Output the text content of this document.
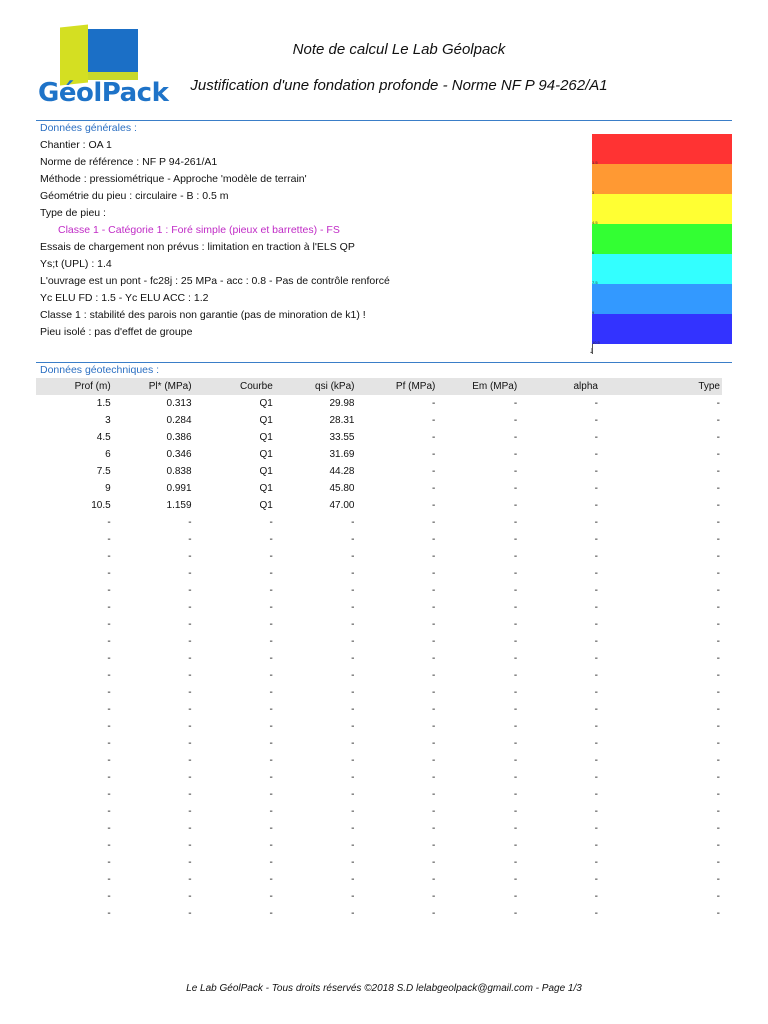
GéolPack
Note de calcul Le Lab Géolpack
Justification d'une fondation profonde - Norme NF P 94-262/A1
Données générales :
Chantier : OA 1
Norme de référence : NF P 94-261/A1
Méthode : pressiométrique - Approche 'modèle de terrain'
Géométrie du pieu : circulaire - B : 0.5 m
Type de pieu :
Classe 1 - Catégorie 1 : Foré simple (pieux et barrettes) - FS
Essais de chargement non prévus : limitation en traction à l'ELS QP
Ys;t (UPL) : 1.4
L'ouvrage est un pont - fc28j : 25 MPa - acc : 0.8 - Pas de contrôle renforcé
Yc ELU FD : 1.5 - Yc ELU ACC : 1.2
Classe 1 : stabilité des parois non garantie (pas de minoration de k1) !
Pieu isolé : pas d'effet de groupe
↓
1.5
3
4.5
6
7.5
9
10.5
Données géotechniques :
Prof (m)	Pl* (MPa)	Courbe	qsi (kPa)	Pf (MPa)	Em (MPa)	alpha	Type
1.5	0.313	Q1	29.98	-	-	-	-
3	0.284	Q1	28.31	-	-	-	-
4.5	0.386	Q1	33.55	-	-	-	-
6	0.346	Q1	31.69	-	-	-	-
7.5	0.838	Q1	44.28	-	-	-	-
9	0.991	Q1	45.80	-	-	-	-
10.5	1.159	Q1	47.00	-	-	-	-
-	-	-	-	-	-	-	-
-	-	-	-	-	-	-	-
-	-	-	-	-	-	-	-
-	-	-	-	-	-	-	-
-	-	-	-	-	-	-	-
-	-	-	-	-	-	-	-
-	-	-	-	-	-	-	-
-	-	-	-	-	-	-	-
-	-	-	-	-	-	-	-
-	-	-	-	-	-	-	-
-	-	-	-	-	-	-	-
-	-	-	-	-	-	-	-
-	-	-	-	-	-	-	-
-	-	-	-	-	-	-	-
-	-	-	-	-	-	-	-
-	-	-	-	-	-	-	-
-	-	-	-	-	-	-	-
-	-	-	-	-	-	-	-
-	-	-	-	-	-	-	-
-	-	-	-	-	-	-	-
-	-	-	-	-	-	-	-
-	-	-	-	-	-	-	-
-	-	-	-	-	-	-	-
-	-	-	-	-	-	-	-
Le Lab GéolPack - Tous droits réservés ©2018 S.D lelabgeolpack@gmail.com - Page 1/3
